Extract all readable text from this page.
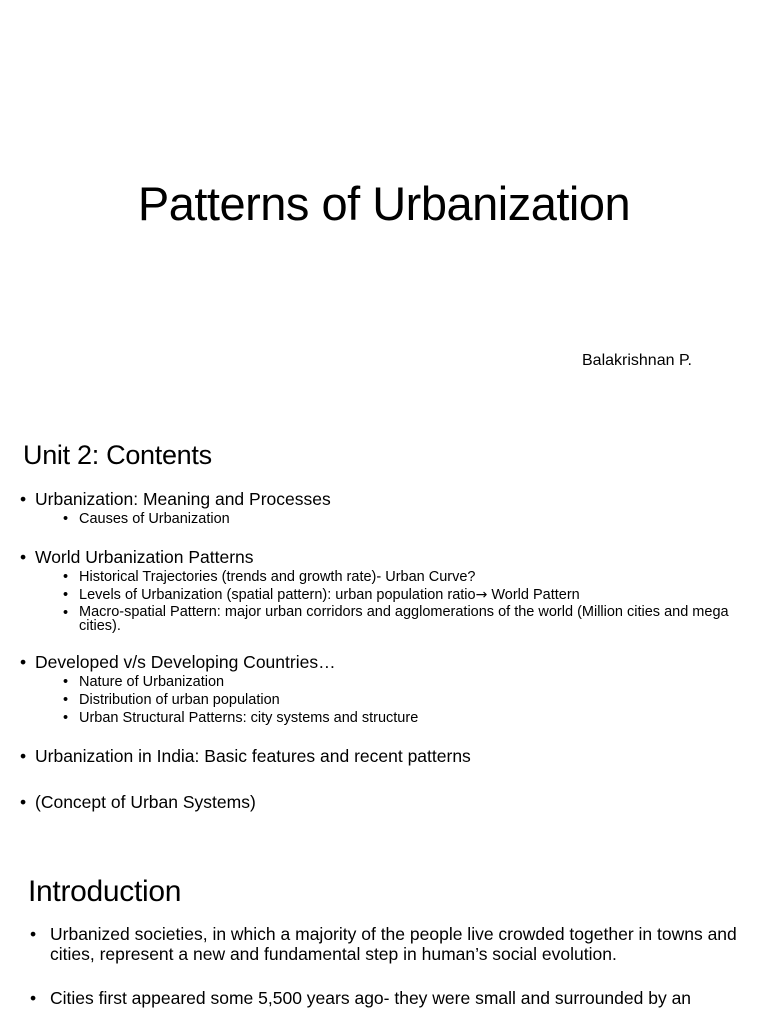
Patterns of Urbanization
Balakrishnan P.
Unit 2: Contents
• Urbanization: Meaning and Processes
• Causes of Urbanization
• World Urbanization Patterns
• Historical Trajectories (trends and growth rate)- Urban Curve?
• Levels of Urbanization (spatial pattern): urban population ratio→ World Pattern
• Macro-spatial Pattern: major urban corridors and agglomerations of the world (Million cities and mega cities).
• Developed v/s Developing Countries…
• Nature of Urbanization
• Distribution of urban population
• Urban Structural Patterns: city systems and structure
• Urbanization in India: Basic features and recent patterns
• (Concept of Urban Systems)
Introduction
• Urbanized societies, in which a majority of the people live crowded together in towns and cities, represent a new and fundamental step in human’s social evolution.
• Cities first appeared some 5,500 years ago- they were small and surrounded by an
